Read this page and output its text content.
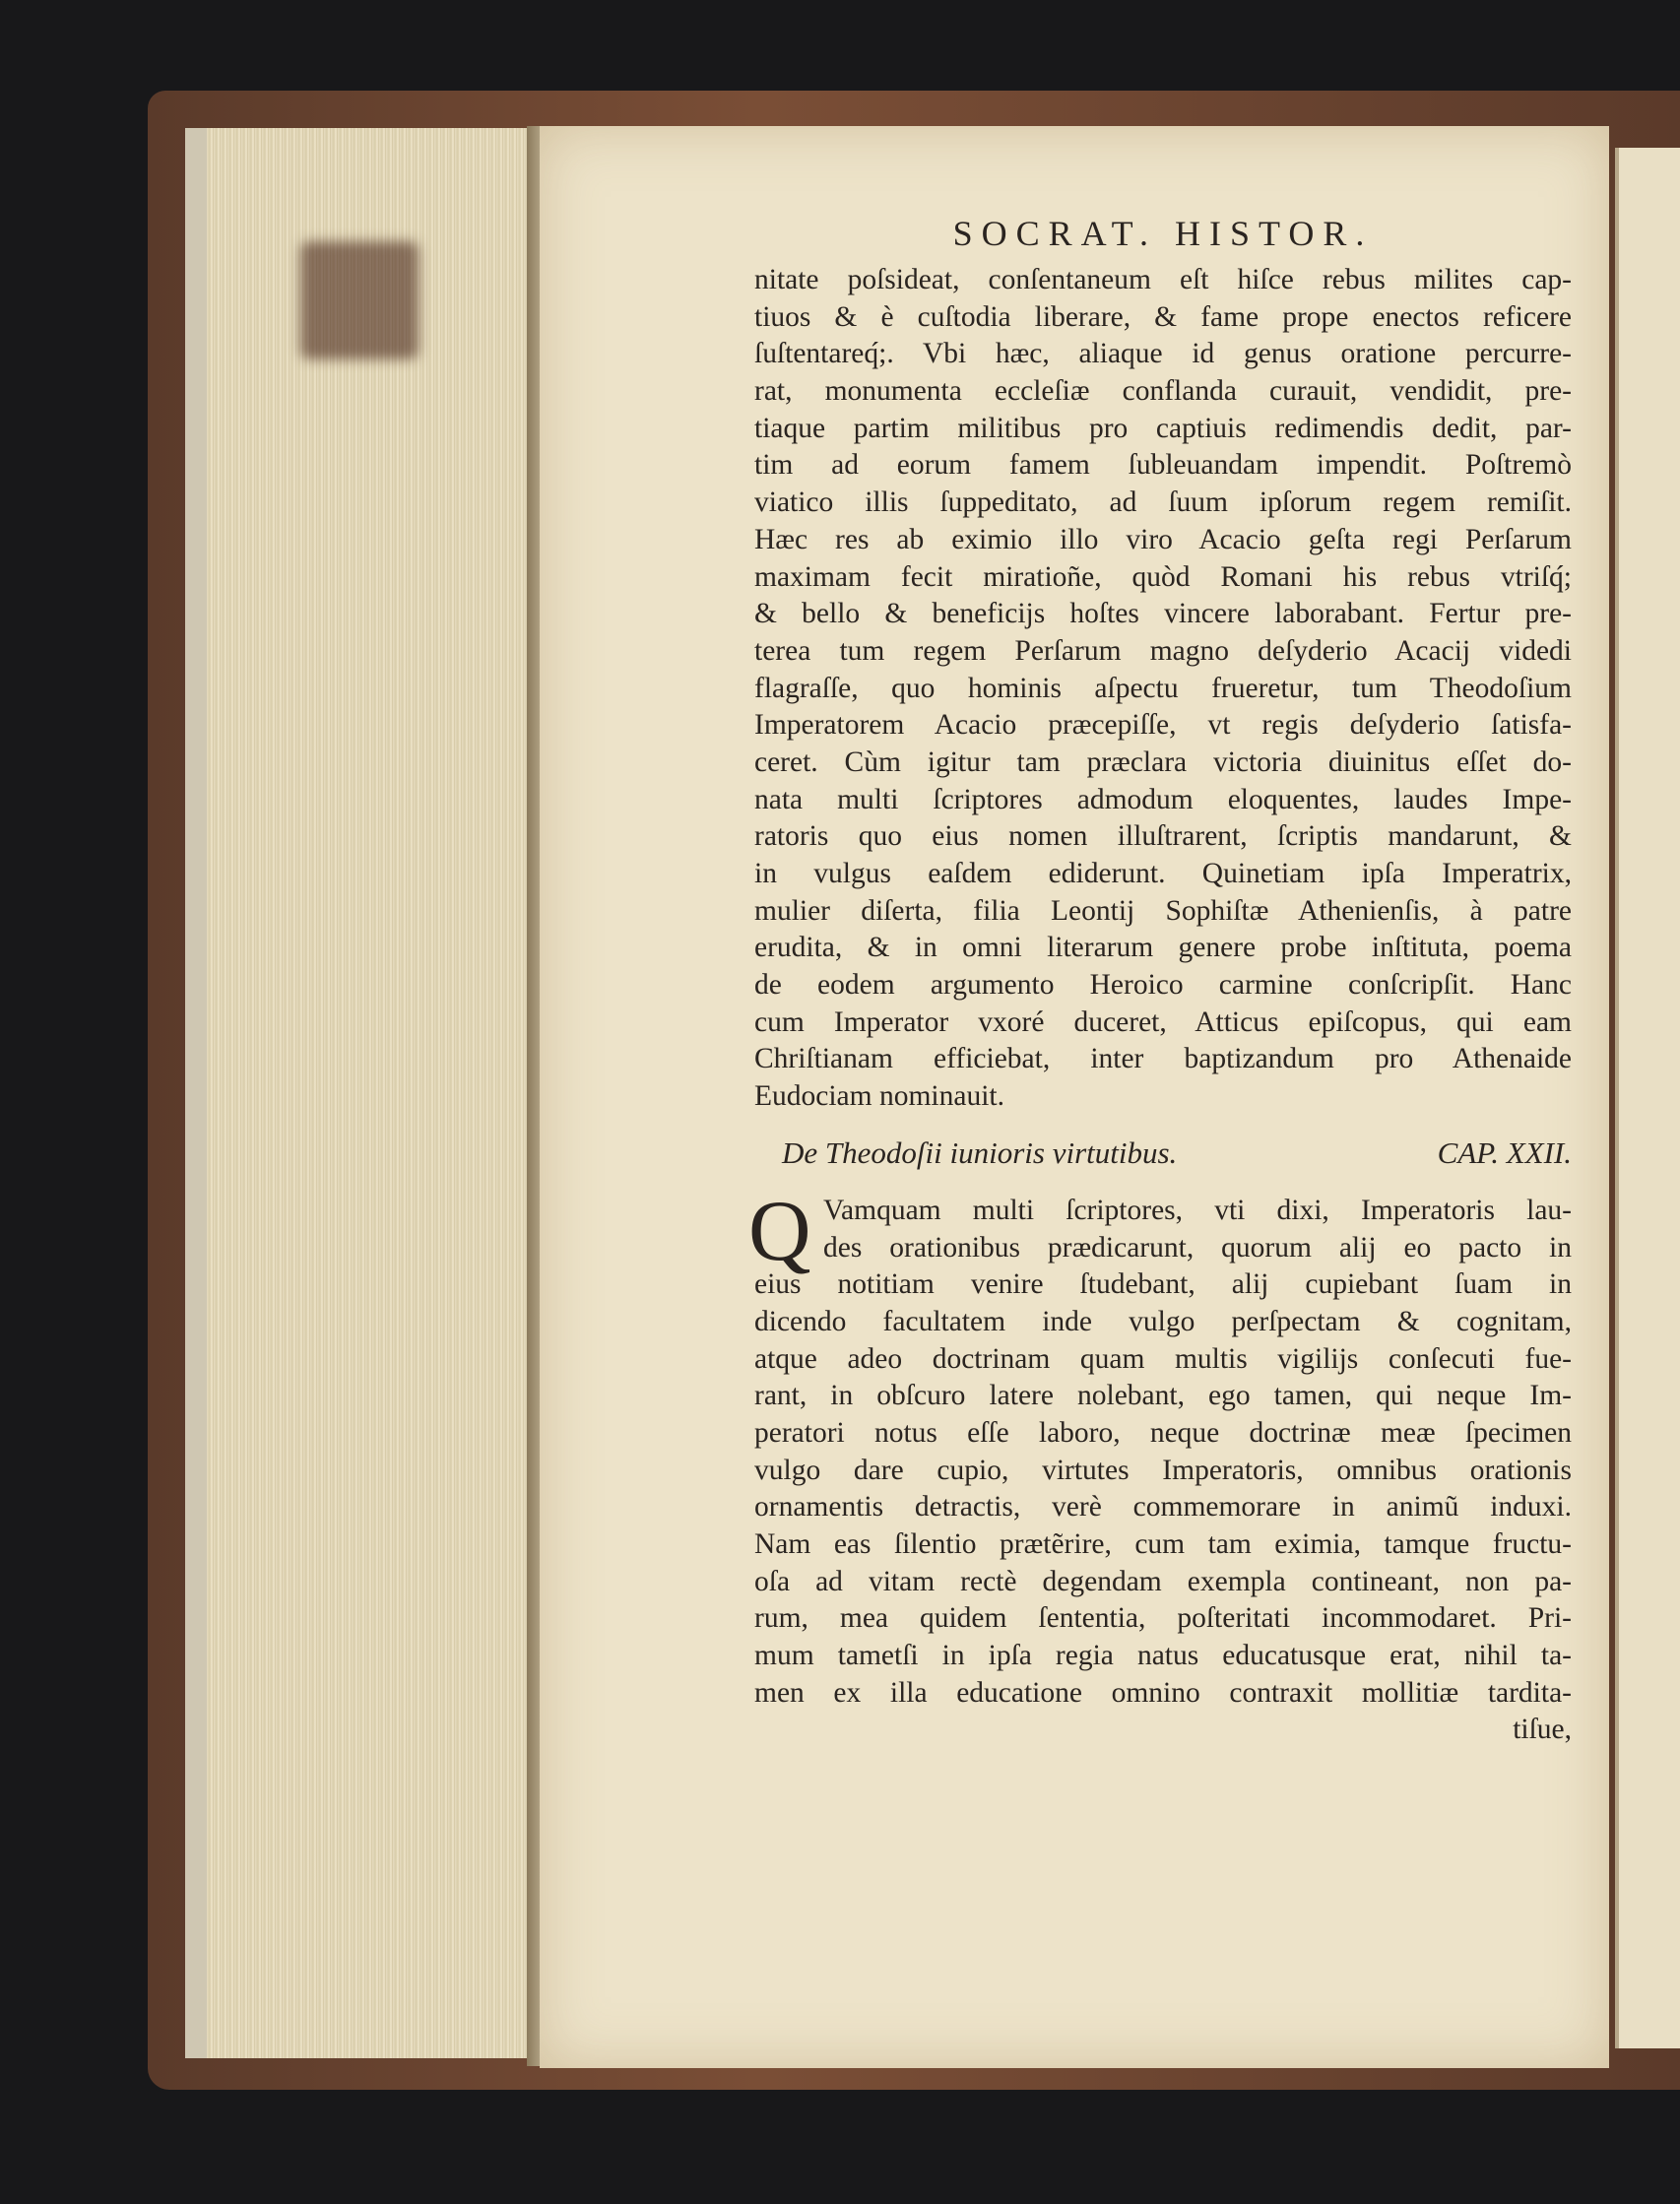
SOCRAT. HISTOR.
nitate poſsideat, conſentaneum eſt hiſce rebus milites cap-
tiuos & è cuſtodia liberare, & fame prope enectos reficere
ſuſtentareq́;. Vbi hæc, aliaque id genus oratione percurre-
rat, monumenta eccleſiæ conflanda curauit, vendidit, pre-
tiaque partim militibus pro captiuis redimendis dedit, par-
tim ad eorum famem ſubleuandam impendit. Poſtremò
viatico illis ſuppeditato, ad ſuum ipſorum regem remiſit.
Hæc res ab eximio illo viro Acacio geſta regi Perſarum
maximam fecit miratioñe, quòd Romani his rebus vtriſq́;
& bello & beneficijs hoſtes vincere laborabant. Fertur pre-
terea tum regem Perſarum magno deſyderio Acacij videdi
flagraſſe, quo hominis aſpectu frueretur, tum Theodoſium
Imperatorem Acacio præcepiſſe, vt regis deſyderio ſatisfa-
ceret. Cùm igitur tam præclara victoria diuinitus eſſet do-
nata multi ſcriptores admodum eloquentes, laudes Impe-
ratoris quo eius nomen illuſtrarent, ſcriptis mandarunt, &
in vulgus eaſdem ediderunt. Quinetiam ipſa Imperatrix,
mulier diſerta, filia Leontij Sophiſtæ Athenienſis, à patre
erudita, & in omni literarum genere probe inſtituta, poema
de eodem argumento Heroico carmine conſcripſit. Hanc
cum Imperator vxoré duceret, Atticus epiſcopus, qui eam
Chriſtianam efficiebat, inter baptizandum pro Athenaide
Eudociam nominauit.
De Theodoſii iunioris virtutibus.	CAP. XXII.
Q Vamquam multi ſcriptores, vti dixi, Imperatoris lau-
des orationibus prædicarunt, quorum alij eo pacto in
eius notitiam venire ſtudebant, alij cupiebant ſuam in
dicendo facultatem inde vulgo perſpectam & cognitam,
atque adeo doctrinam quam multis vigilijs conſecuti fue-
rant, in obſcuro latere nolebant, ego tamen, qui neque Im-
peratori notus eſſe laboro, neque doctrinæ meæ ſpecimen
vulgo dare cupio, virtutes Imperatoris, omnibus orationis
ornamentis detractis, verè commemorare in animũ induxi.
Nam eas ſilentio prætẽrire, cum tam eximia, tamque fructu-
oſa ad vitam rectè degendam exempla contineant, non pa-
rum, mea quidem ſententia, poſteritati incommodaret. Pri-
mum tametſi in ipſa regia natus educatusque erat, nihil ta-
men ex illa educatione omnino contraxit mollitiæ tardita-
tiſue,
